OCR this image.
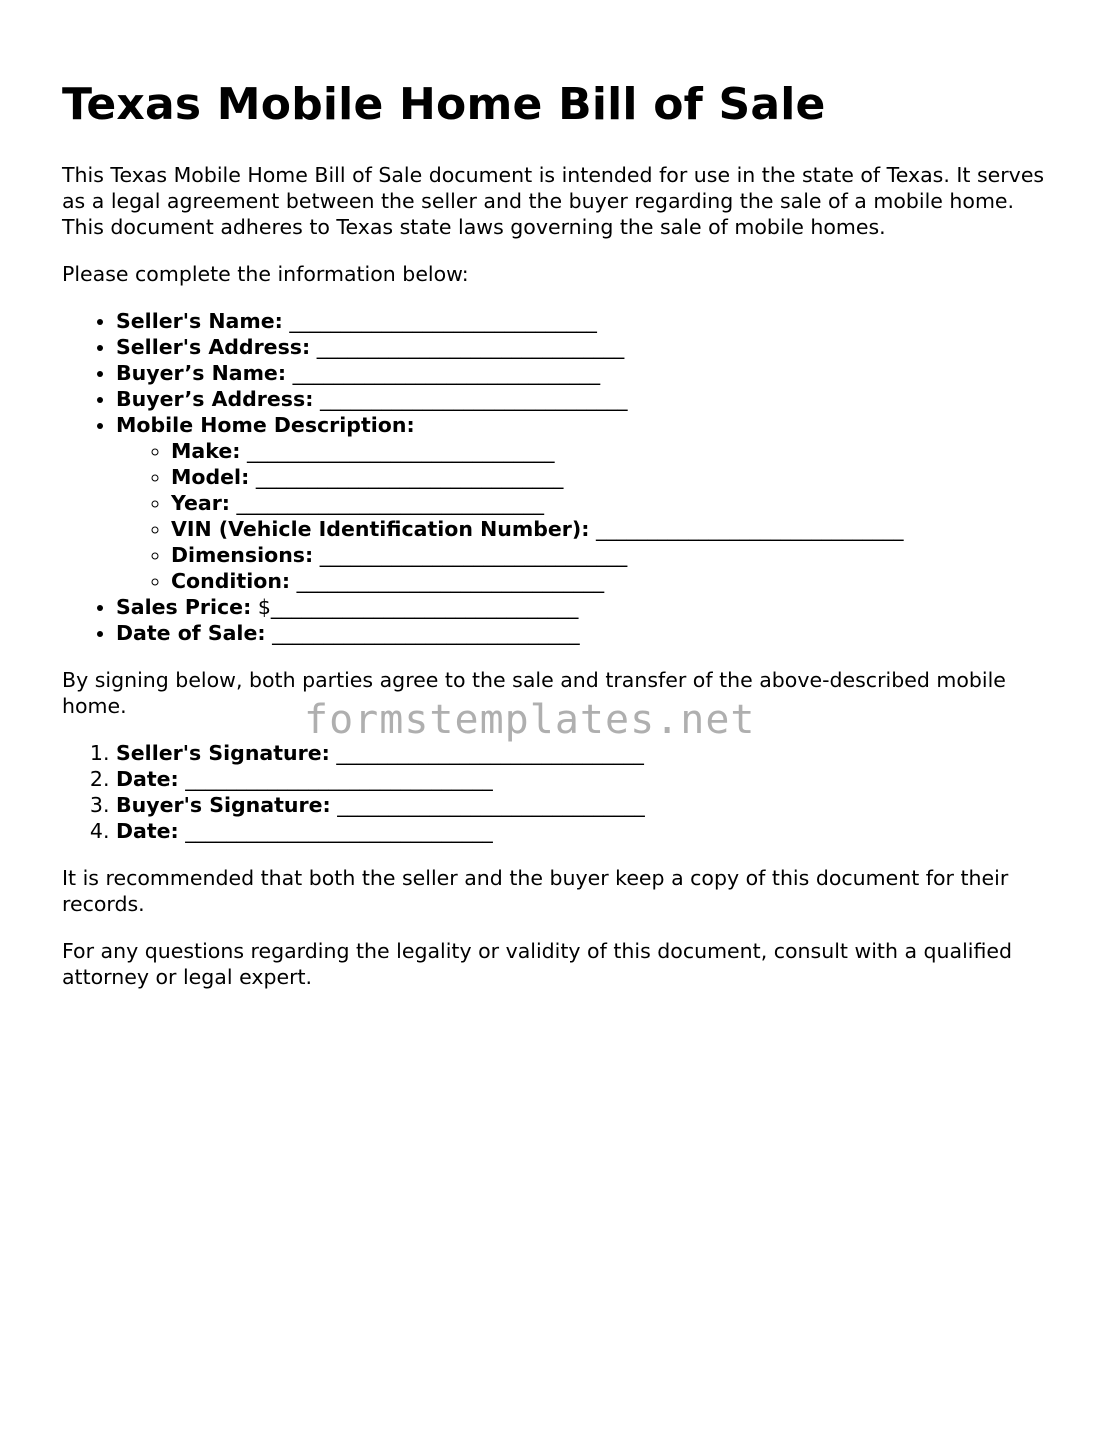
Texas Mobile Home Bill of Sale

This Texas Mobile Home Bill of Sale document is intended for use in the state of Texas. It serves as a legal agreement between the seller and the buyer regarding the sale of a mobile home. This document adheres to Texas state laws governing the sale of mobile homes.

Please complete the information below:

• Seller's Name: ______________________________
• Seller's Address: ______________________________
• Buyer’s Name: ______________________________
• Buyer’s Address: ______________________________
• Mobile Home Description:
◦ Make: ______________________________
◦ Model: ______________________________
◦ Year: ______________________________
◦ VIN (Vehicle Identification Number): ______________________________
◦ Dimensions: ______________________________
◦ Condition: ______________________________
• Sales Price: $______________________________
• Date of Sale: ______________________________

By signing below, both parties agree to the sale and transfer of the above-described mobile home.

1. Seller's Signature: ______________________________
2. Date: ______________________________
3. Buyer's Signature: ______________________________
4. Date: ______________________________

It is recommended that both the seller and the buyer keep a copy of this document for their records.

For any questions regarding the legality or validity of this document, consult with a qualified attorney or legal expert.

formstemplates.net
